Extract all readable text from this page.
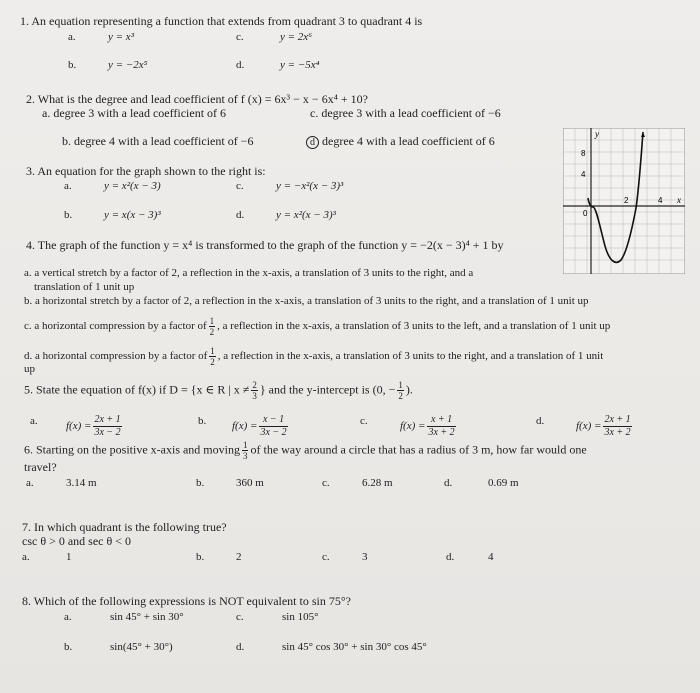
1. An equation representing a function that extends from quadrant 3 to quadrant 4 is
a.	y = x³	c.	y = 2x⁶
b.	y = −2x⁵	d.	y = −5x⁴
2. What is the degree and lead coefficient of f (x) = 6x³ − x − 6x⁴ + 10?
a. degree 3 with a lead coefficient of 6	c. degree 3 with a lead coefficient of −6
b. degree 4 with a lead coefficient of −6	d degree 4 with a lead coefficient of 6
3. An equation for the graph shown to the right is:
a.	y = x²(x − 3)	c.	y = −x²(x − 3)³
b.	y = x(x − 3)³	d.	y = x²(x − 3)³
y
x
8
4
0
2	4
4. The graph of the function y = x⁴ is transformed to the graph of the function y = −2(x − 3)⁴ + 1 by
a. a vertical stretch by a factor of 2, a reflection in the x-axis, a translation of 3 units to the right, and a
translation of 1 unit up
b. a horizontal stretch by a factor of 2, a reflection in the x-axis, a translation of 3 units to the right, and a translation of 1 unit up
c. a horizontal compression by a factor of $\frac{1}{2}$ , a reflection in the x-axis, a translation of 3 units to the left, and a translation of 1 unit up
d. a horizontal compression by a factor of $\frac{1}{2}$ , a reflection in the x-axis, a translation of 3 units to the right, and a translation of 1 unit
up
5. State the equation of f(x) if D = {x ∈ R | $x \ne \frac{2}{3}$ } and the y-intercept is (0, − $\frac{1}{2}$ ).
a.	$f(x) = \frac{2x + 1}{3x - 2}$	b. $f(x) = \frac{x - 1}{3x - 2}$	c.	$f(x) = \frac{x + 1}{3x + 2}$	d.	$f(x) = \frac{2x + 1}{3x + 2}$
6. Starting on the positive x-axis and moving $\frac{1}{3}$ of the way around a circle that has a radius of 3 m, how far would one
travel?
a.	3.14 m	b.	360 m	c.	6.28 m	d.	0.69 m
7. In which quadrant is the following true?
csc θ > 0 and sec θ < 0
a.	1	b.	2	c.	3	d.	4
8. Which of the following expressions is NOT equivalent to sin 75°?
a.	sin 45° + sin 30°	c.	sin 105°
b.	sin(45° + 30°)	d.	sin 45° cos 30° + sin 30° cos 45°
